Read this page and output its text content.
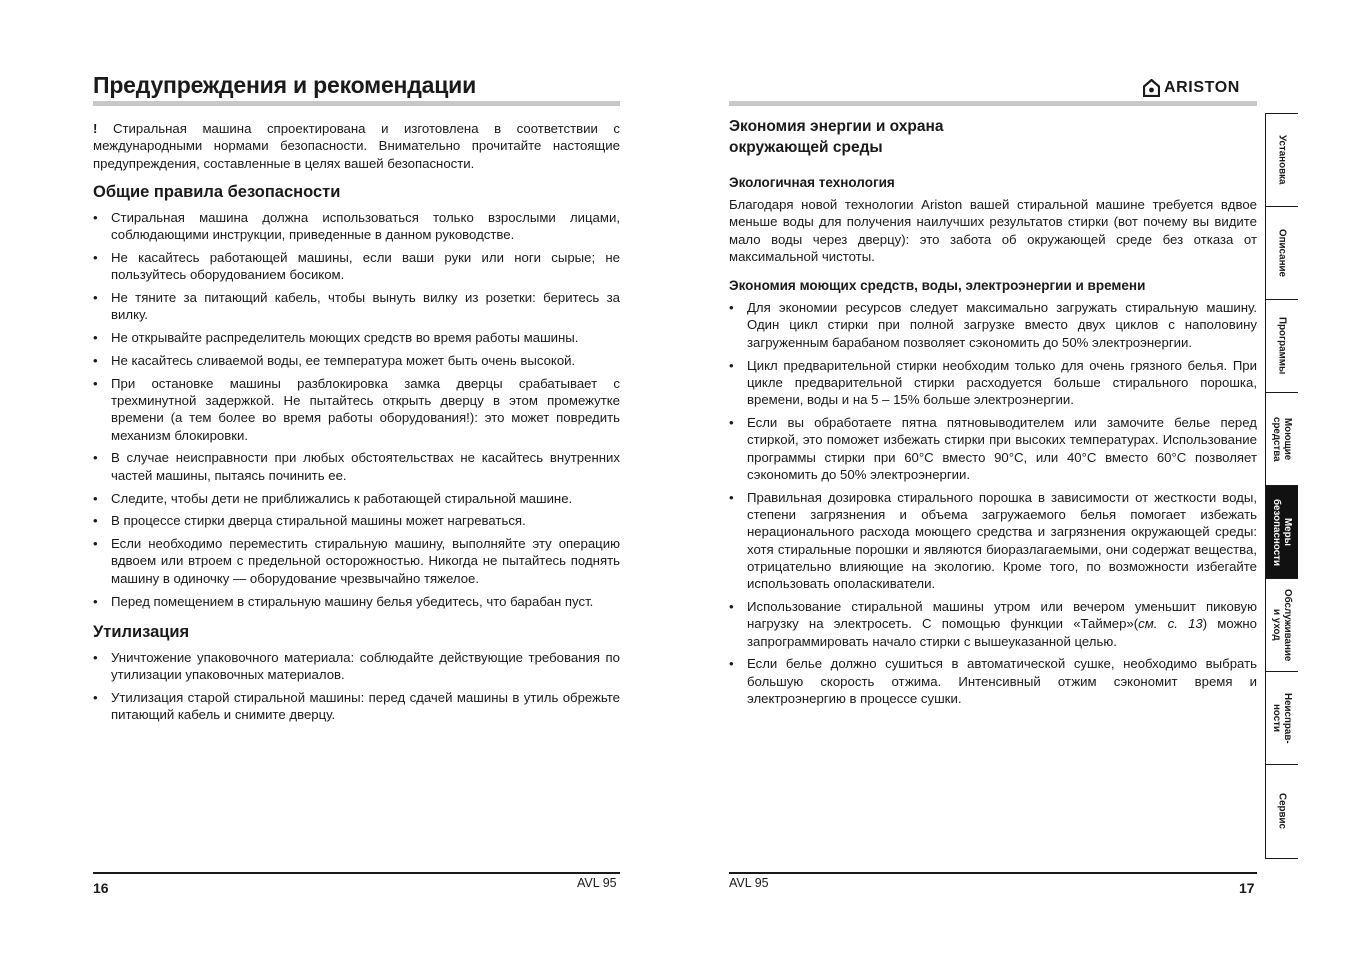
Предупреждения и рекомендации

! Стиральная машина спроектирована и изготовлена в соответствии с международными нормами безопасности. Внимательно прочитайте настоящие предупреждения, составленные в целях вашей безопасности.

Общие правила безопасности
• Стиральная машина должна использоваться только взрослыми лицами, соблюдающими инструкции, приведенные в данном руководстве.
• Не касайтесь работающей машины, если ваши руки или ноги сырые; не пользуйтесь оборудованием босиком.
• Не тяните за питающий кабель, чтобы вынуть вилку из розетки: беритесь за вилку.
• Не открывайте распределитель моющих средств во время работы машины.
• Не касайтесь сливаемой воды, ее температура может быть очень высокой.
• При остановке машины разблокировка замка дверцы срабатывает с трехминутной задержкой. Не пытайтесь открыть дверцу в этом промежутке времени (а тем более во время работы оборудования!): это может повредить механизм блокировки.
• В случае неисправности при любых обстоятельствах не касайтесь внутренних частей машины, пытаясь починить ее.
• Следите, чтобы дети не приближались к работающей стиральной машине.
• В процессе стирки дверца стиральной машины может нагреваться.
• Если необходимо переместить стиральную машину, выполняйте эту операцию вдвоем или втроем с предельной осторожностью. Никогда не пытайтесь поднять машину в одиночку — оборудование чрезвычайно тяжелое.
• Перед помещением в стиральную машину белья убедитесь, что барабан пуст.
Утилизация
• Уничтожение упаковочного материала: соблюдайте действующие требования по утилизации упаковочных материалов.
• Утилизация старой стиральной машины: перед сдачей машины в утиль обрежьте питающий кабель и снимите дверцу.
16	AVL 95
ARISTON
Экономия энергии и охрана
окружающей среды
Экологичная технология

Благодаря новой технологии Ariston вашей стиральной машине требуется вдвое меньше воды для получения наилучших результатов стирки (вот почему вы видите мало воды через дверцу): это забота об окружающей среде без отказа от максимальной чистоты.

Экономия моющих средств, воды, электроэнергии и времени
• Для экономии ресурсов следует максимально загружать стиральную машину. Один цикл стирки при полной загрузке вместо двух циклов с наполовину загруженным барабаном позволяет сэкономить до 50% электроэнергии.
• Цикл предварительной стирки необходим только для очень грязного белья. При цикле предварительной стирки расходуется больше стирального порошка, времени, воды и на 5 – 15% больше электроэнергии.
• Если вы обработаете пятна пятновыводителем или замочите белье перед стиркой, это поможет избежать стирки при высоких температурах. Использование программы стирки при 60°C вместо 90°C, или 40°C вместо 60°C позволяет сэкономить до 50% электроэнергии.
• Правильная дозировка стирального порошка в зависимости от жесткости воды, степени загрязнения и объема загружаемого белья помогает избежать нерационального расхода моющего средства и загрязнения окружающей среды: хотя стиральные порошки и являются биоразлагаемыми, они содержат вещества, отрицательно влияющие на экологию. Кроме того, по возможности избегайте использовать ополаскиватели.
• Использование стиральной машины утром или вечером уменьшит пиковую нагрузку на электросеть. С помощью функции «Таймер»(см. с. 13) можно запрограммировать начало стирки с вышеуказанной целью.
• Если белье должно сушиться в автоматической сушке, необходимо выбрать большую скорость отжима. Интенсивный отжим сэкономит время и электроэнергию в процессе сушки.
AVL 95	17
Установка
Описание
Программы
Моющие
средства
Меры
безопасности
Обслуживание
и уход
Неисправ-
ности
Сервис
